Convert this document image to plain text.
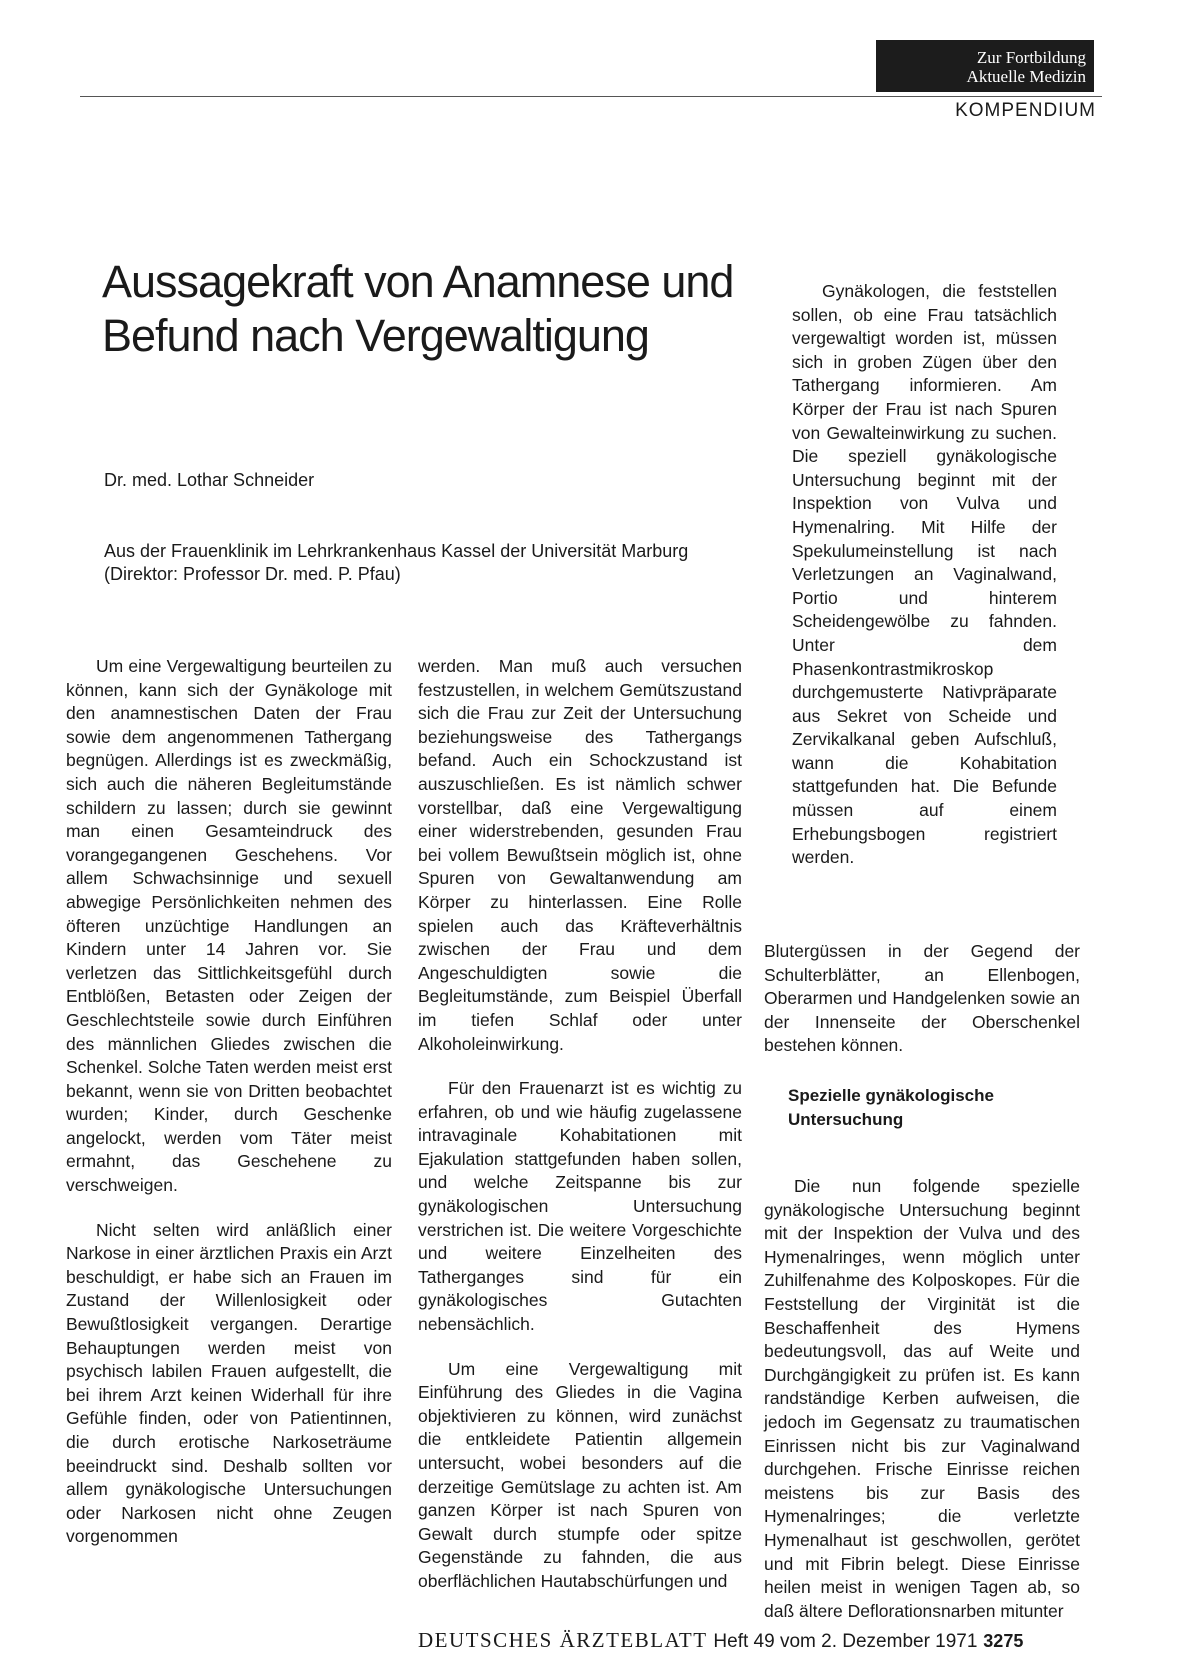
Zur Fortbildung
Aktuelle Medizin
KOMPENDIUM
Aussagekraft von Anamnese und Befund nach Vergewaltigung
Dr. med. Lothar Schneider
Aus der Frauenklinik im Lehrkrankenhaus Kassel der Universität Marburg (Direktor: Professor Dr. med. P. Pfau)

Um eine Vergewaltigung beurteilen zu können, kann sich der Gynäkologe mit den anamnestischen Daten der Frau sowie dem angenommenen Tathergang begnügen. Allerdings ist es zweckmäßig, sich auch die näheren Begleitumstände schildern zu lassen; durch sie gewinnt man einen Gesamteindruck des vorangegangenen Geschehens. Vor allem Schwachsinnige und sexuell abwegige Persönlichkeiten nehmen des öfteren unzüchtige Handlungen an Kindern unter 14 Jahren vor. Sie verletzen das Sittlichkeitsgefühl durch Entblößen, Betasten oder Zeigen der Geschlechtsteile sowie durch Einführen des männlichen Gliedes zwischen die Schenkel. Solche Taten werden meist erst bekannt, wenn sie von Dritten beobachtet wurden; Kinder, durch Geschenke angelockt, werden vom Täter meist ermahnt, das Geschehene zu verschweigen.

Nicht selten wird anläßlich einer Narkose in einer ärztlichen Praxis ein Arzt beschuldigt, er habe sich an Frauen im Zustand der Willenlosigkeit oder Bewußtlosigkeit vergangen. Derartige Behauptungen werden meist von psychisch labilen Frauen aufgestellt, die bei ihrem Arzt keinen Widerhall für ihre Gefühle finden, oder von Patientinnen, die durch erotische Narkoseträume beeindruckt sind. Deshalb sollten vor allem gynäkologische Untersuchungen oder Narkosen nicht ohne Zeugen vorgenommen

werden. Man muß auch versuchen festzustellen, in welchem Gemütszustand sich die Frau zur Zeit der Untersuchung beziehungsweise des Tathergangs befand. Auch ein Schockzustand ist auszuschließen. Es ist nämlich schwer vorstellbar, daß eine Vergewaltigung einer widerstrebenden, gesunden Frau bei vollem Bewußtsein möglich ist, ohne Spuren von Gewaltanwendung am Körper zu hinterlassen. Eine Rolle spielen auch das Kräfteverhältnis zwischen der Frau und dem Angeschuldigten sowie die Begleitumstände, zum Beispiel Überfall im tiefen Schlaf oder unter Alkoholeinwirkung.

Für den Frauenarzt ist es wichtig zu erfahren, ob und wie häufig zugelassene intravaginale Kohabitationen mit Ejakulation stattgefunden haben sollen, und welche Zeitspanne bis zur gynäkologischen Untersuchung verstrichen ist. Die weitere Vorgeschichte und weitere Einzelheiten des Tatherganges sind für ein gynäkologisches Gutachten nebensächlich.

Um eine Vergewaltigung mit Einführung des Gliedes in die Vagina objektivieren zu können, wird zunächst die entkleidete Patientin allgemein untersucht, wobei besonders auf die derzeitige Gemütslage zu achten ist. Am ganzen Körper ist nach Spuren von Gewalt durch stumpfe oder spitze Gegenstände zu fahnden, die aus oberflächlichen Hautabschürfungen und

Gynäkologen, die feststellen sollen, ob eine Frau tatsächlich vergewaltigt worden ist, müssen sich in groben Zügen über den Tathergang informieren. Am Körper der Frau ist nach Spuren von Gewalteinwirkung zu suchen. Die speziell gynäkologische Untersuchung beginnt mit der Inspektion von Vulva und Hymenalring. Mit Hilfe der Spekulumeinstellung ist nach Verletzungen an Vaginalwand, Portio und hinterem Scheidengewölbe zu fahnden. Unter dem Phasenkontrastmikroskop durchgemusterte Nativpräparate aus Sekret von Scheide und Zervikalkanal geben Aufschluß, wann die Kohabitation stattgefunden hat. Die Befunde müssen auf einem Erhebungsbogen registriert werden.

Blutergüssen in der Gegend der Schulterblätter, an Ellenbogen, Oberarmen und Handgelenken sowie an der Innenseite der Oberschenkel bestehen können.

Spezielle gynäkologische Untersuchung

Die nun folgende spezielle gynäkologische Untersuchung beginnt mit der Inspektion der Vulva und des Hymenalringes, wenn möglich unter Zuhilfenahme des Kolposkopes. Für die Feststellung der Virginität ist die Beschaffenheit des Hymens bedeutungsvoll, das auf Weite und Durchgängigkeit zu prüfen ist. Es kann randständige Kerben aufweisen, die jedoch im Gegensatz zu traumatischen Einrissen nicht bis zur Vaginalwand durchgehen. Frische Einrisse reichen meistens bis zur Basis des Hymenalringes; die verletzte Hymenalhaut ist geschwollen, gerötet und mit Fibrin belegt. Diese Einrisse heilen meist in wenigen Tagen ab, so daß ältere Deflorationsnarben mitunter

DEUTSCHES ÄRZTEBLATT Heft 49 vom 2. Dezember 1971 3275
